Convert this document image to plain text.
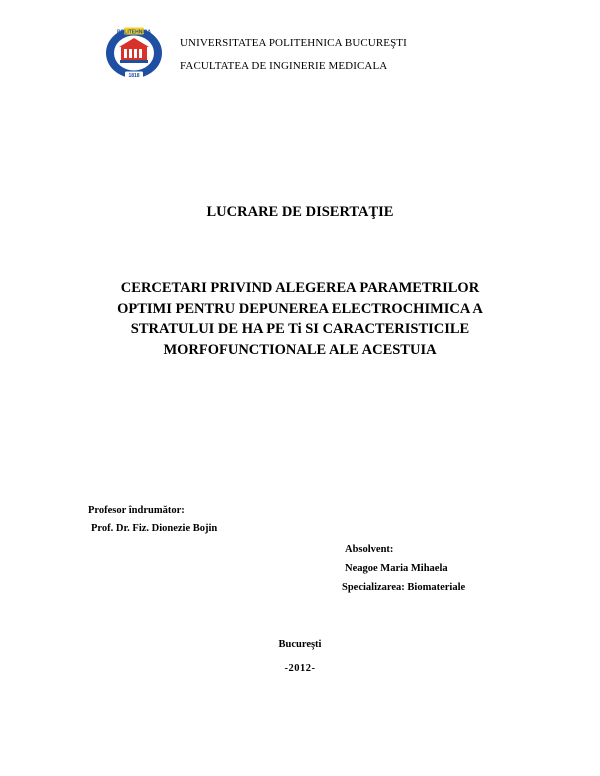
POLITEHNICA
1818
UNIVERSITATEA POLITEHNICA BUCUREŞTI
FACULTATEA DE INGINERIE MEDICALA
LUCRARE DE DISERTAŢIE
CERCETARI PRIVIND ALEGEREA PARAMETRILOR
OPTIMI PENTRU DEPUNEREA ELECTROCHIMICA A
STRATULUI DE HA PE Ti SI CARACTERISTICILE
MORFOFUNCTIONALE ALE ACESTUIA
Profesor îndrumător:
Prof. Dr. Fiz. Dionezie Bojin
Absolvent:
Neagoe Maria Mihaela
Specializarea: Biomateriale
Bucureşti
-2012-
